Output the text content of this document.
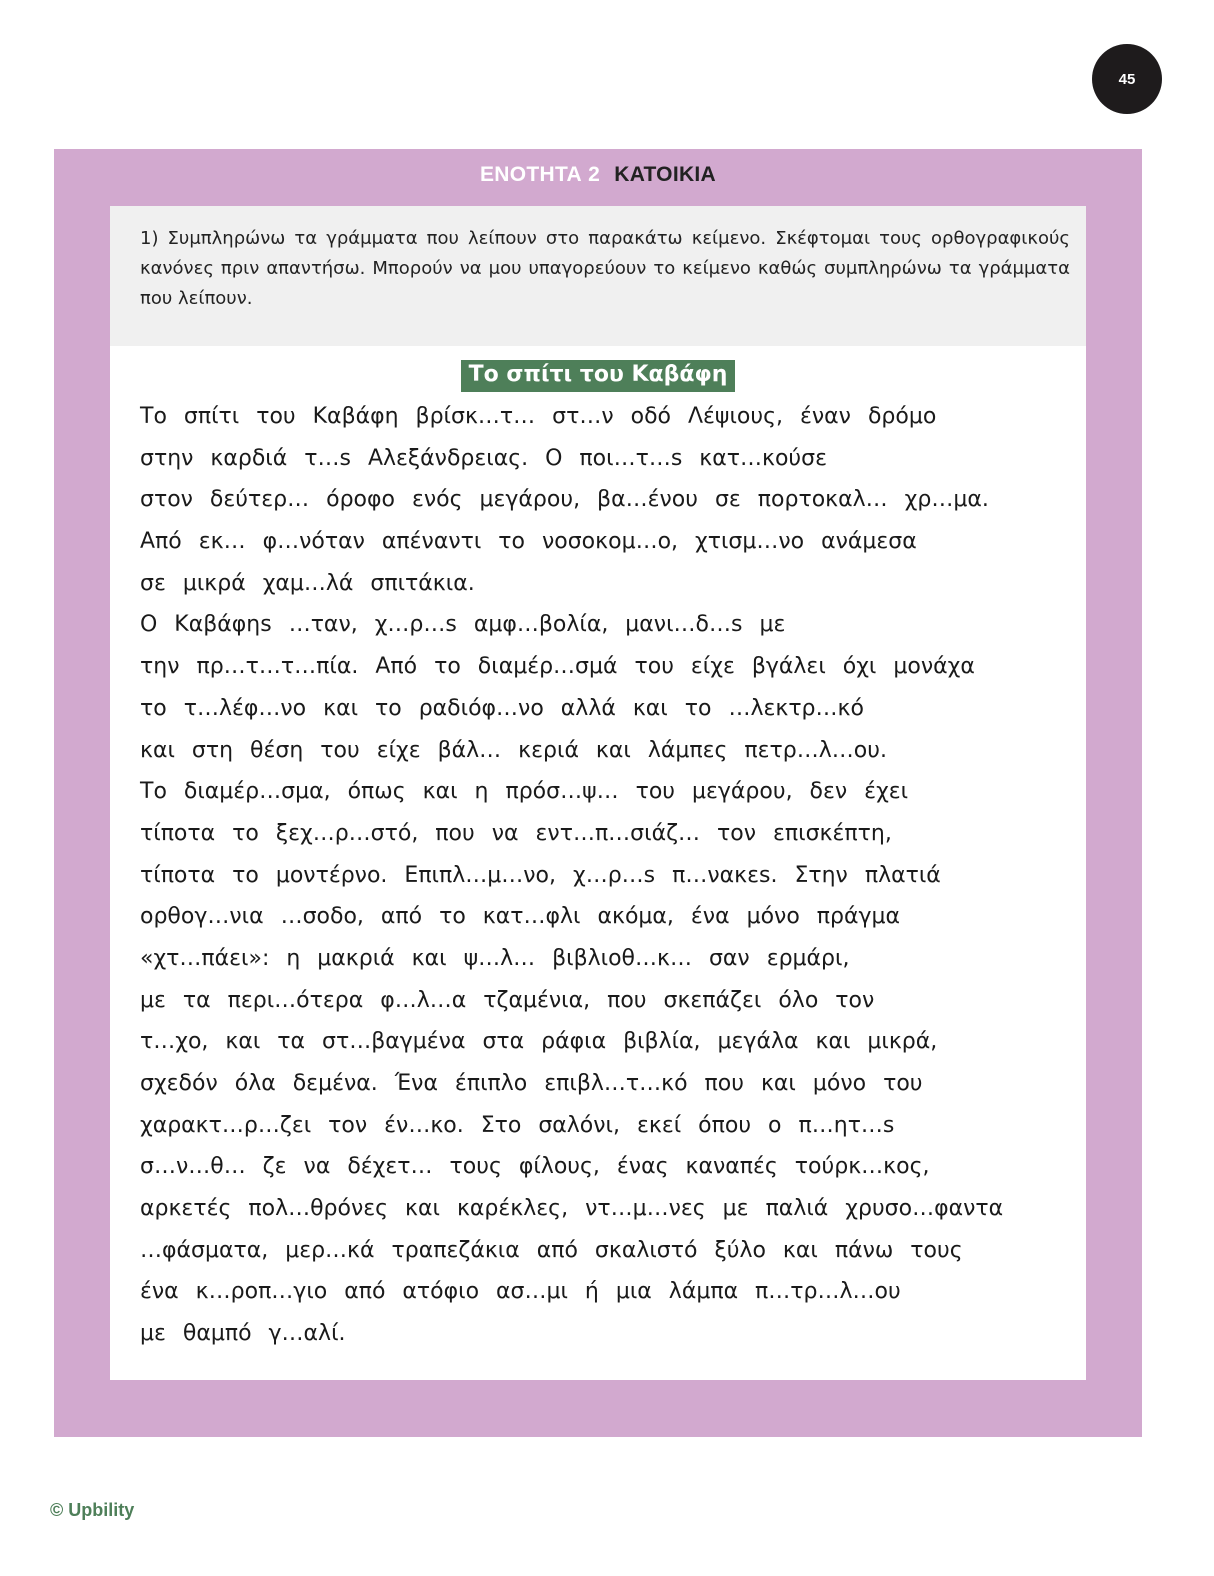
45
ΕΝΟΤΗΤΑ 2 ΚΑΤΟΙΚΙΑ
1) Συμπληρώνω τα γράμματα που λείπουν στο παρακάτω κείμενο. Σκέφτομαι τους ορθογραφικούς κανόνες πριν απαντήσω. Μπορούν να μου υπαγορεύουν το κείμενο καθώς συμπληρώνω τα γράμματα που λείπουν.
Το σπίτι του Καβάφη
Το σπίτι του Καβάφη βρίσκ…τ… στ…ν οδό Λέψιους, έναν δρόμο
στην καρδιά τ…s Αλεξάνδρειας. Ο ποι…τ…s κατ…κούσε
στον δεύτερ… όροφο ενός μεγάρου, βα…ένου σε πορτοκαλ… χρ…μα.
Από εκ… φ…νόταν απέναντι το νοσοκομ…ο, χτισμ…νο ανάμεσα
σε μικρά χαμ…λά σπιτάκια.
Ο Καβάφηs …ταν, χ…ρ…s αμφ…βολία, μανι…δ…s με
την πρ…τ…τ…πία. Από το διαμέρ…σμά του είχε βγάλει όχι μονάχα
το τ…λέφ…νο και το ραδιόφ…νο αλλά και το …λεκτρ…κό
και στη θέση του είχε βάλ… κεριά και λάμπες πετρ…λ…ου.
Το διαμέρ…σμα, όπως και η πρόσ…ψ… του μεγάρου, δεν έχει
τίποτα το ξεχ…ρ…στό, που να εντ…π…σιάζ… τον επισκέπτη,
τίποτα το μοντέρνο. Επιπλ…μ…νο, χ…ρ…s π…νακεs. Στην πλατιά
ορθογ…νια …σοδο, από το κατ…φλι ακόμα, ένα μόνο πράγμα
«χτ…πάει»: η μακριά και ψ…λ… βιβλιοθ…κ… σαν ερμάρι,
με τα περι…ότερα φ…λ…α τζαμένια, που σκεπάζει όλο τον
τ…χο, και τα στ…βαγμένα στα ράφια βιβλία, μεγάλα και μικρά,
σχεδόν όλα δεμένα. Ένα έπιπλο επιβλ…τ…κό που και μόνο του
χαρακτ…ρ…ζει τον έν…κο. Στο σαλόνι, εκεί όπου ο π…ητ…s
σ…ν…θ… ζε να δέχετ… τους φίλους, ένας καναπές τούρκ…κος,
αρκετές πολ…θρόνες και καρέκλες, ντ…μ…νες με παλιά χρυσο…φαντα
…φάσματα, μερ…κά τραπεζάκια από σκαλιστό ξύλο και πάνω τους
ένα κ…ροπ…γιο από ατόφιο ασ…μι ή μια λάμπα π…τρ…λ…ου
με θαμπό γ…αλί.
© Upbility
